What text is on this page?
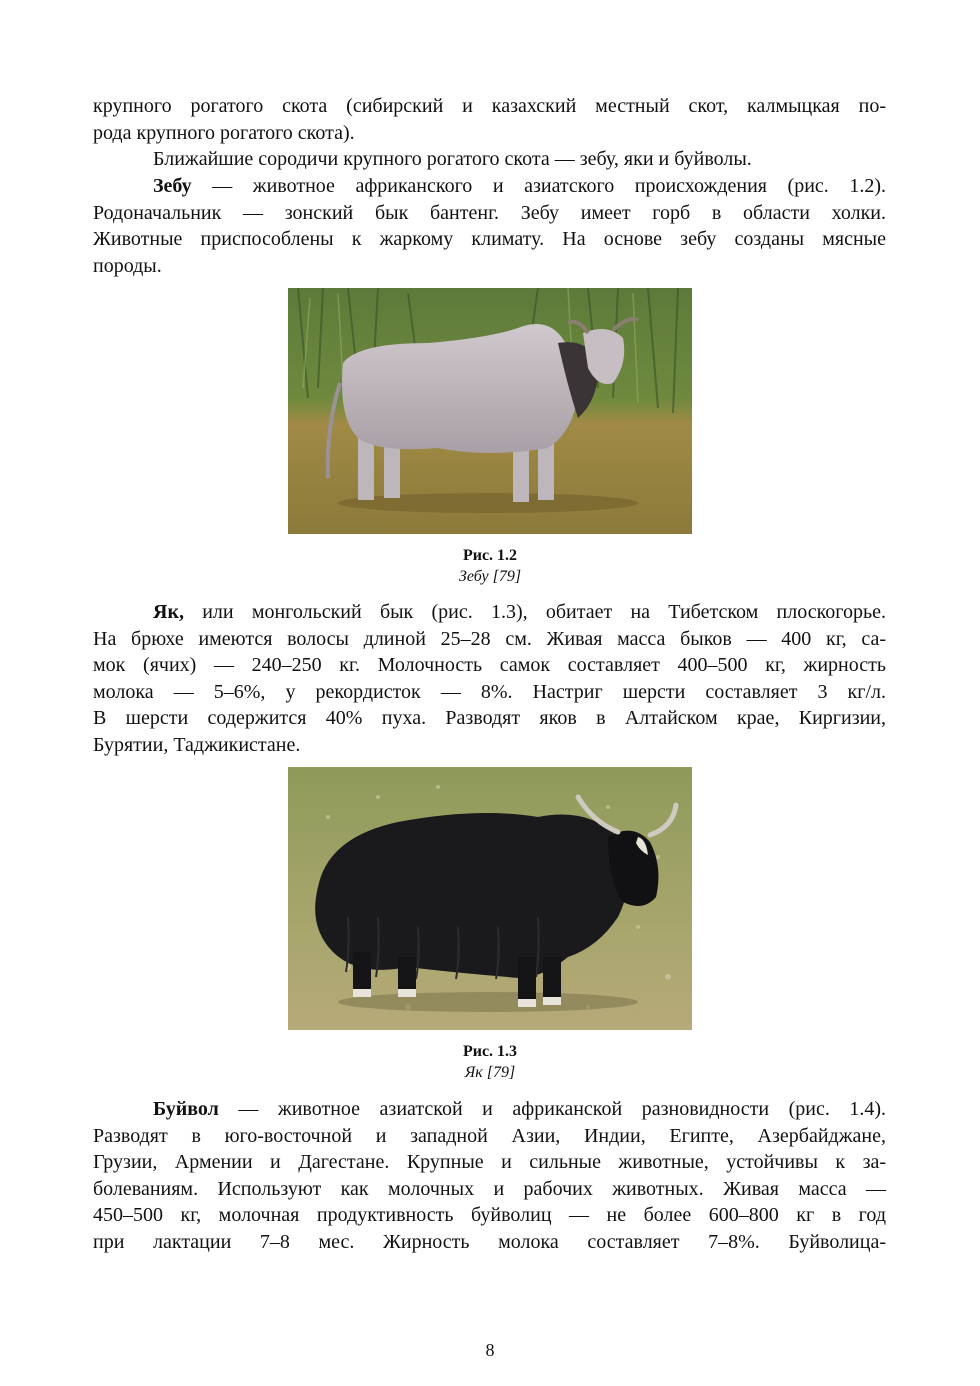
крупного рогатого скота (сибирский и казахский местный скот, калмыцкая по-
рода крупного рогатого скота).
Ближайшие сородичи крупного рогатого скота — зебу, яки и буйволы.
Зебу — животное африканского и азиатского происхождения (рис. 1.2).
Родоначальник — зонский бык бантенг. Зебу имеет горб в области холки.
Животные приспособлены к жаркому климату. На основе зебу созданы мясные
породы.
Рис. 1.2
Зебу [79]
Як, или монгольский бык (рис. 1.3), обитает на Тибетском плоскогорье.
На брюхе имеются волосы длиной 25–28 см. Живая масса быков — 400 кг, са-
мок (ячих) — 240–250 кг. Молочность самок составляет 400–500 кг, жирность
молока — 5–6%, у рекордисток — 8%. Настриг шерсти составляет 3 кг/л.
В шерсти содержится 40% пуха. Разводят яков в Алтайском крае, Киргизии,
Бурятии, Таджикистане.
Рис. 1.3
Як [79]
Буйвол — животное азиатской и африканской разновидности (рис. 1.4).
Разводят в юго-восточной и западной Азии, Индии, Египте, Азербайджане,
Грузии, Армении и Дагестане. Крупные и сильные животные, устойчивы к за-
болеваниям. Используют как молочных и рабочих животных. Живая масса —
450–500 кг, молочная продуктивность буйволиц — не более 600–800 кг в год
при лактации 7–8 мес. Жирность молока составляет 7–8%. Буйволица-
8
